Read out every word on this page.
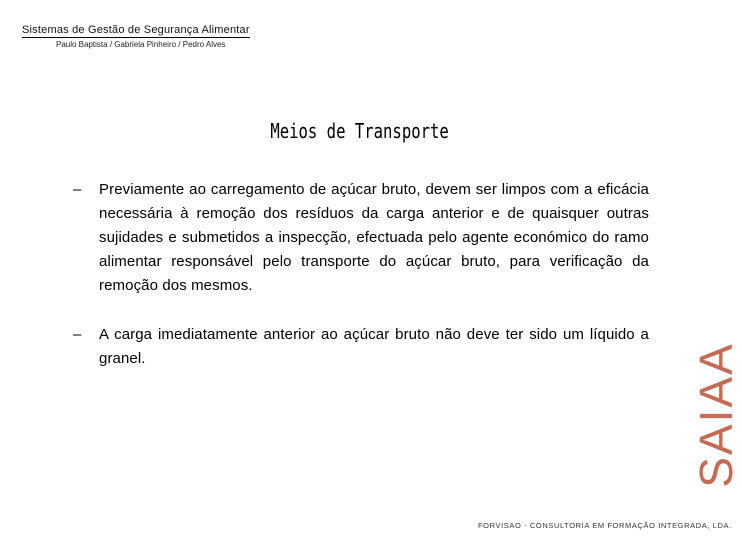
Sistemas de Gestão de Segurança Alimentar
Paulo Baptista / Gabriela Pinheiro / Pedro Alves
Meios de Transporte
– Previamente ao carregamento de açúcar bruto, devem ser limpos com a eficácia necessária à remoção dos resíduos da carga anterior e de quaisquer outras sujidades e submetidos a inspecção, efectuada pelo agente económico do ramo alimentar responsável pelo transporte do açúcar bruto, para verificação da remoção dos mesmos.
– A carga imediatamente anterior ao açúcar bruto não deve ter sido um líquido a granel.	SAIAA
FORVISAO - CONSULTORIA EM FORMAÇÃO INTEGRADA, LDA.
